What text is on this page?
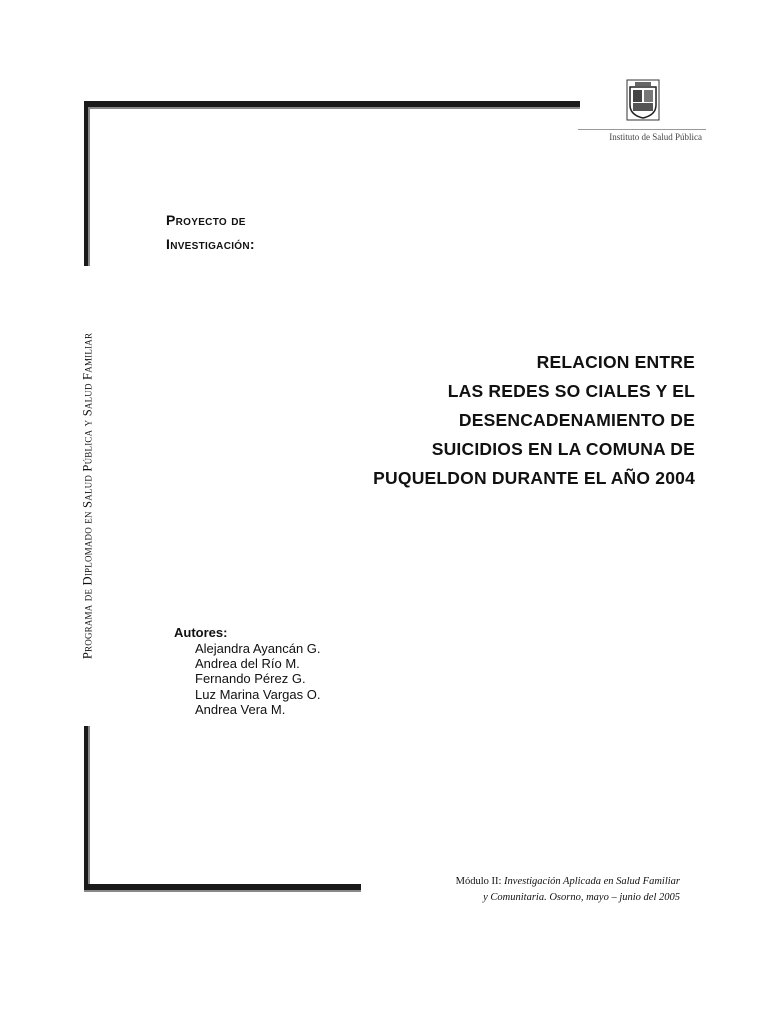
Programa de Diplomado en Salud Pública y Salud Familiar
Instituto de Salud Pública
Proyecto de
Investigación:
RELACION ENTRE
LAS REDES SO CIALES Y EL
DESENCADENAMIENTO DE
SUICIDIOS EN LA COMUNA DE
PUQUELDON DURANTE EL AÑO 2004
Autores:
Alejandra Ayancán G.
Andrea del Río M.
Fernando Pérez G.
Luz Marina Vargas O.
Andrea Vera M.
Módulo II: Investigación Aplicada en Salud Familiar
y Comunitaria. Osorno, mayo – junio del 2005
